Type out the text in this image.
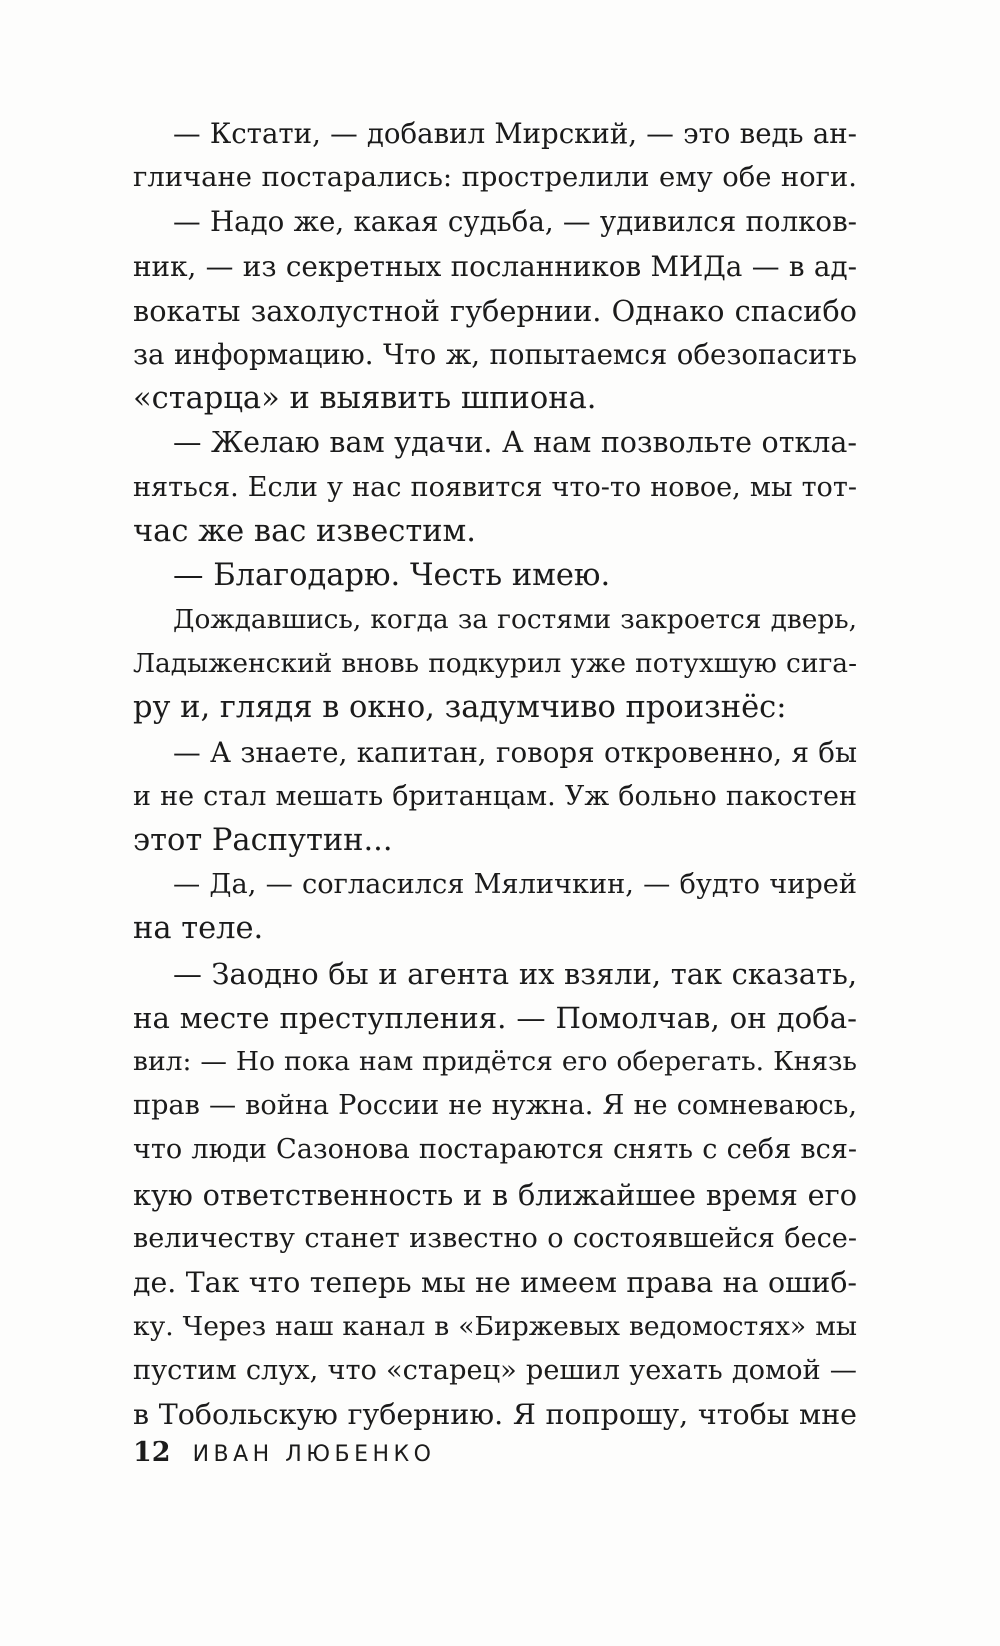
— Кстати, — добавил Мирский, — это ведь ан-
гличане постарались: прострелили ему обе ноги.
— Надо же, какая судьба, — удивился полков-
ник, — из секретных посланников МИДа — в ад-
вокаты захолустной губернии. Однако спасибо
за информацию. Что ж, попытаемся обезопасить
«старца» и выявить шпиона.
— Желаю вам удачи. А нам позвольте откла-
няться. Если у нас появится что-то новое, мы тот-
час же вас известим.
— Благодарю. Честь имею.
Дождавшись, когда за гостями закроется дверь,
Ладыженский вновь подкурил уже потухшую сига-
ру и, глядя в окно, задумчиво произнёс:
— А знаете, капитан, говоря откровенно, я бы
и не стал мешать британцам. Уж больно пакостен
этот Распутин...
— Да, — согласился Мяличкин, — будто чирей
на теле.
— Заодно бы и агента их взяли, так сказать,
на месте преступления. — Помолчав, он доба-
вил: — Но пока нам придётся его оберегать. Князь
прав — война России не нужна. Я не сомневаюсь,
что люди Сазонова постараются снять с себя вся-
кую ответственность и в ближайшее время его
величеству станет известно о состоявшейся бесе-
де. Так что теперь мы не имеем права на ошиб-
ку. Через наш канал в «Биржевых ведомостях» мы
пустим слух, что «старец» решил уехать домой —
в Тобольскую губернию. Я попрошу, чтобы мне
12 ИВАН ЛЮБЕНКО
